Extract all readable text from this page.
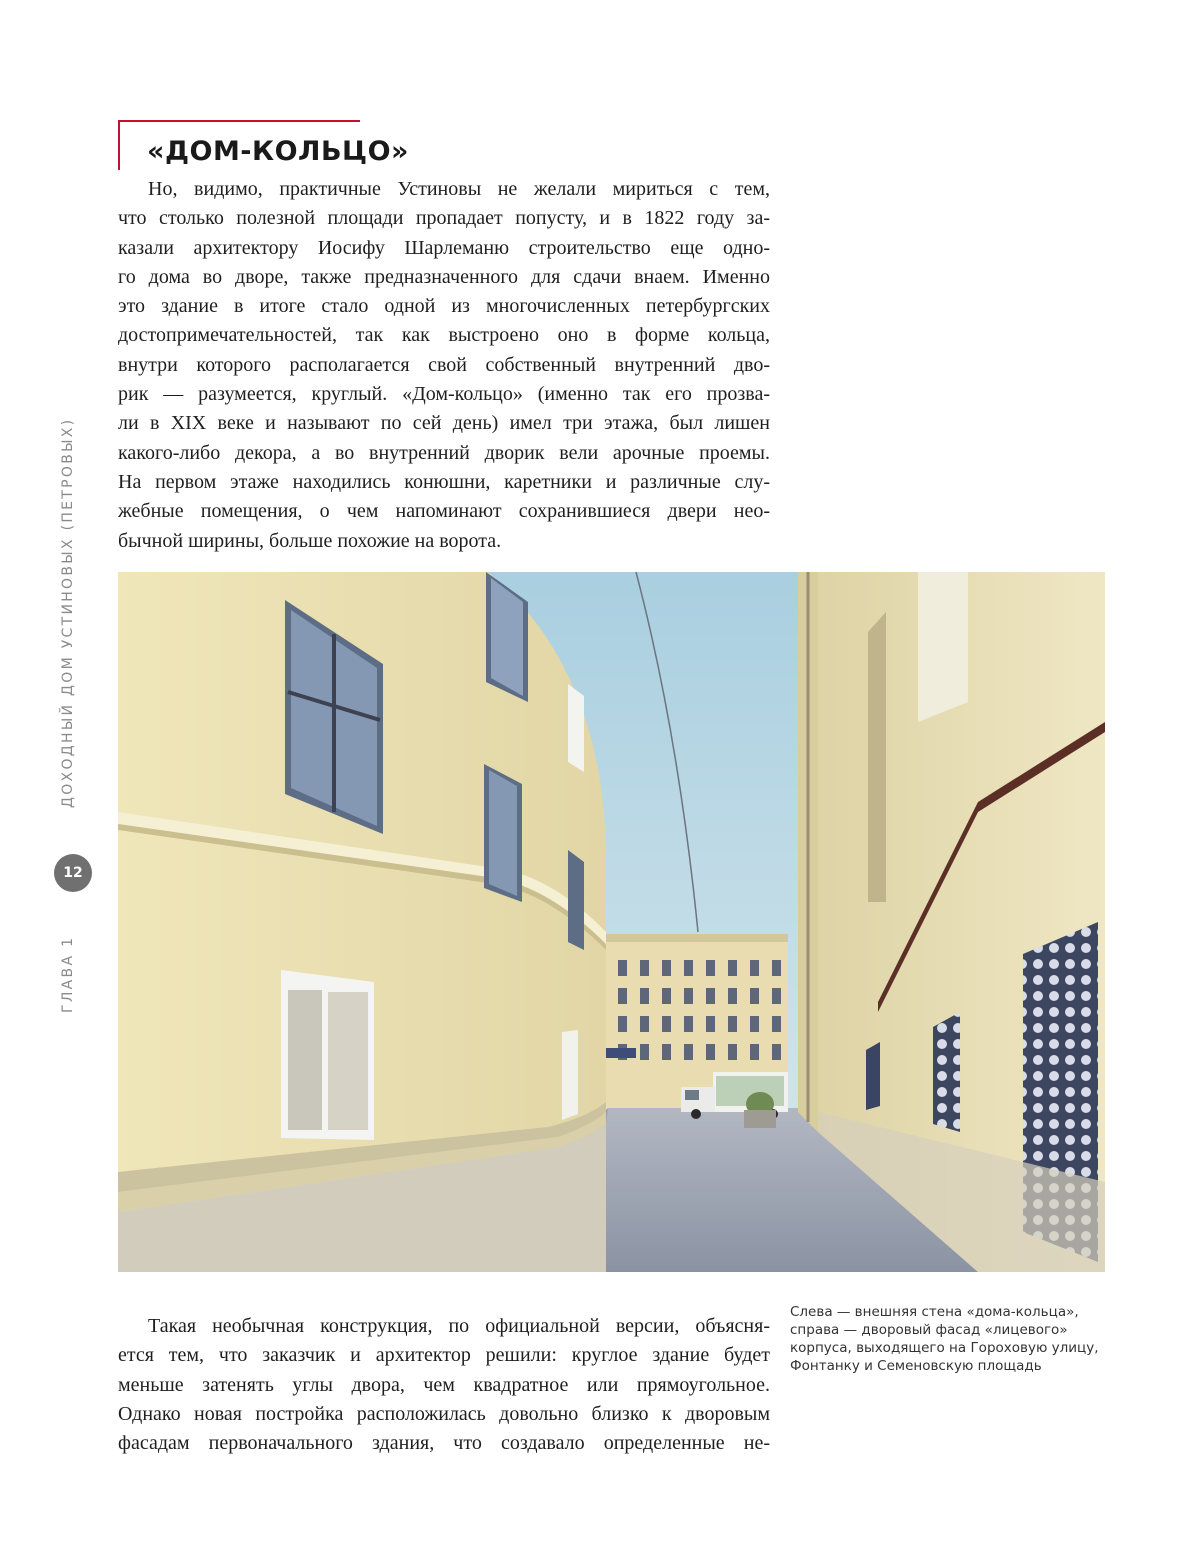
«ДОМ-КОЛЬЦО»
Но, видимо, практичные Устиновы не желали мириться с тем,
что столько полезной площади пропадает попусту, и в 1822 году за-
казали архитектору Иосифу Шарлеманю строительство еще одно-
го дома во дворе, также предназначенного для сдачи внаем. Именно
это здание в итоге стало одной из многочисленных петербургских
достопримечательностей, так как выстроено оно в форме кольца,
внутри которого располагается свой собственный внутренний дво-
рик — разумеется, круглый. «Дом-кольцо» (именно так его прозва-
ли в XIX веке и называют по сей день) имел три этажа, был лишен
какого-либо декора, а во внутренний дворик вели арочные проемы.
На первом этаже находились конюшни, каретники и различные слу-
жебные помещения, о чем напоминают сохранившиеся двери нео-
бычной ширины, больше похожие на ворота.
ДОХОДНЫЙ ДОМ УСТИНОВЫХ (ПЕТРОВЫХ)
12
ГЛАВА 1
Слева — внешняя стена «дома-кольца»,
справа — дворовый фасад «лицевого»
корпуса, выходящего на Гороховую улицу,
Фонтанку и Семеновскую площадь
Такая необычная конструкция, по официальной версии, объясня-
ется тем, что заказчик и архитектор решили: круглое здание будет
меньше затенять углы двора, чем квадратное или прямоугольное.
Однако новая постройка расположилась довольно близко к дворовым
фасадам первоначального здания, что создавало определенные не-
